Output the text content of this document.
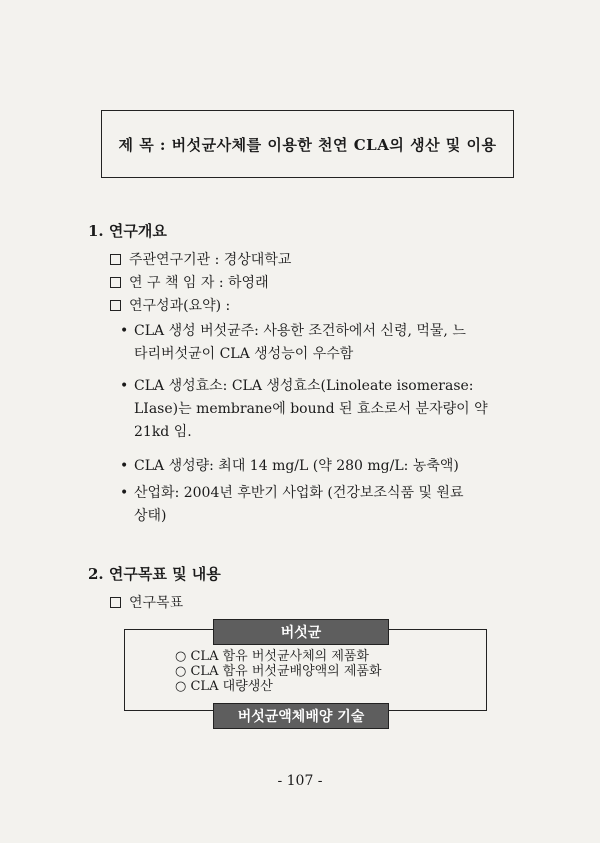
제 목 : 버섯균사체를 이용한 천연 CLA의 생산 및 이용
1. 연구개요
주관연구기관 : 경상대학교
연 구 책 임 자 : 하영래
연구성과(요약) :
• CLA 생성 버섯균주: 사용한 조건하에서 신령, 먹물, 느
타리버섯균이 CLA 생성능이 우수함
• CLA 생성효소: CLA 생성효소(Linoleate isomerase:
LIase)는 membrane에 bound 된 효소로서 분자량이 약
21kd 임.
• CLA 생성량: 최대 14 mg/L (약 280 mg/L: 농축액)
• 산업화: 2004년 후반기 사업화 (건강보조식품 및 원료
상태)
2. 연구목표 및 내용
연구목표
버섯균
○ CLA 함유 버섯균사체의 제품화
○ CLA 함유 버섯균배양액의 제품화
○ CLA 대량생산
버섯균액체배양 기술
- 107 -
